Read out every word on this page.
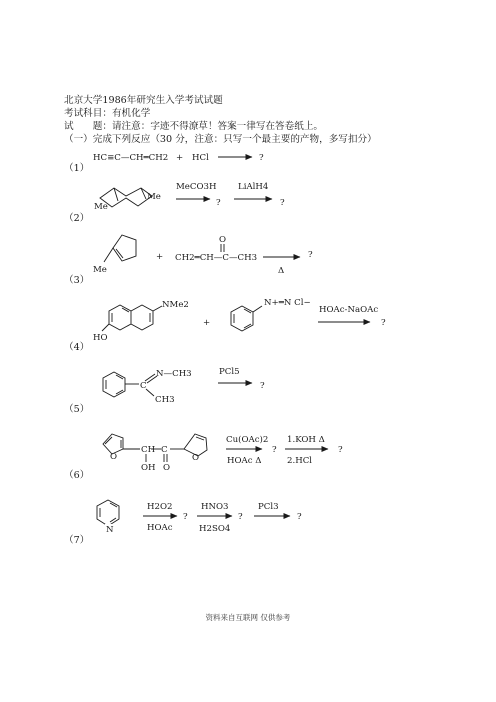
北京大学1986年研究生入学考试试题
考试科目：有机化学
试　　题：请注意：字迹不得潦草！答案一律写在答卷纸上。
（一）完成下列反应（30 分，注意：只写一个最主要的产物，多写扣分）
（1）
（2）
（3）
（4）
（5）
（6）
（7）
HC≡C—CH═CH2 + HCl	?
Me
Me
MeCO3H
?
LiAlH4
?
Me
+ CH2═CH—C—CH3
O
Δ
?
NMe2
HO
+
N+═N Cl−
HOAc-NaOAc
?
C
N—CH3
CH3
PCl5
?
O
CH C
OH O
O
Cu(OAc)2
HOAc Δ
?
1.KOH Δ
2.HCl
?
N
H2O2
HOAc
?
HNO3
H2SO4
?
PCl3
?
资料来自互联网 仅供参考
